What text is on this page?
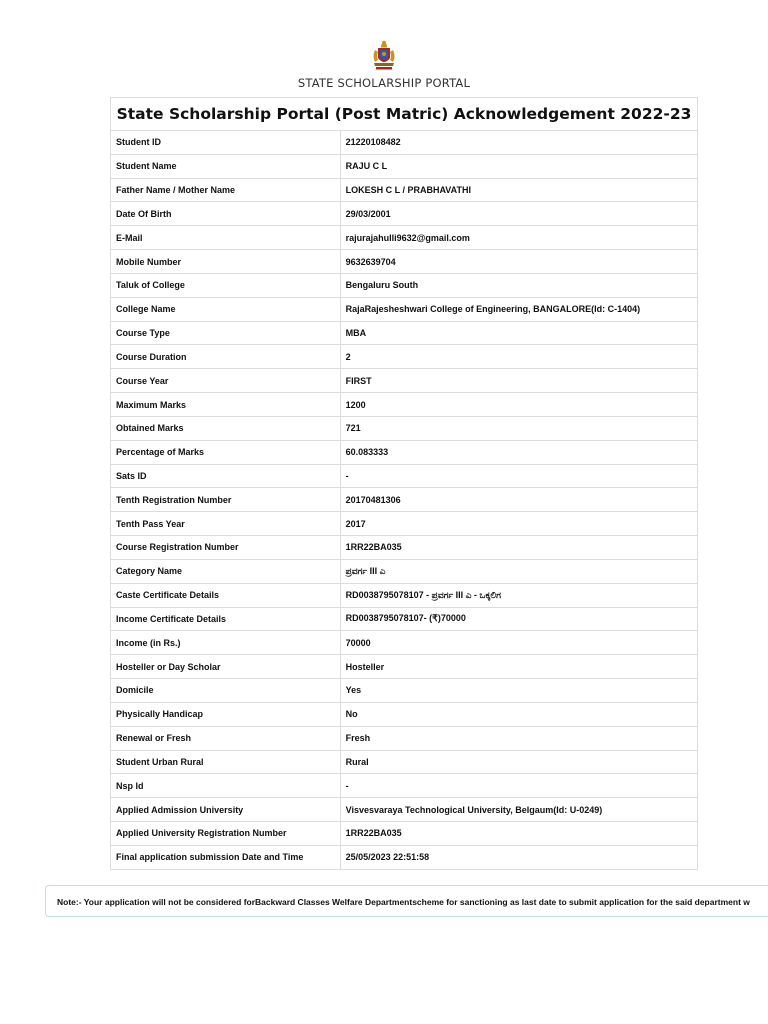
STATE SCHOLARSHIP PORTAL
State Scholarship Portal (Post Matric) Acknowledgement 2022-23	
Student ID	21220108482
Student Name	RAJU C L
Father Name / Mother Name	LOKESH C L / PRABHAVATHI
Date Of Birth	29/03/2001
E-Mail	rajurajahulli9632@gmail.com
Mobile Number	9632639704
Taluk of College	Bengaluru South
College Name	RajaRajesheshwari College of Engineering, BANGALORE(Id: C-1404)
Course Type	MBA
Course Duration	2
Course Year	FIRST
Maximum Marks	1200
Obtained Marks	721
Percentage of Marks	60.083333
Sats ID	-
Tenth Registration Number	20170481306
Tenth Pass Year	2017
Course Registration Number	1RR22BA035
Category Name	ಪ್ರವರ್ಗ III ಎ
Caste Certificate Details	RD0038795078107 - ಪ್ರವರ್ಗ III ಎ - ಒಕ್ಕಲಿಗ
Income Certificate Details	RD0038795078107- (₹)70000
Income (in Rs.)	70000
Hosteller or Day Scholar	Hosteller
Domicile	Yes
Physically Handicap	No
Renewal or Fresh	Fresh
Student Urban Rural	Rural
Nsp Id	-
Applied Admission University	Visvesvaraya Technological University, Belgaum(Id: U-0249)
Applied University Registration Number	1RR22BA035
Final application submission Date and Time	25/05/2023 22:51:58
Note:- Your application will not be considered forBackward Classes Welfare Departmentscheme for sanctioning as last date to submit application for the said department w
